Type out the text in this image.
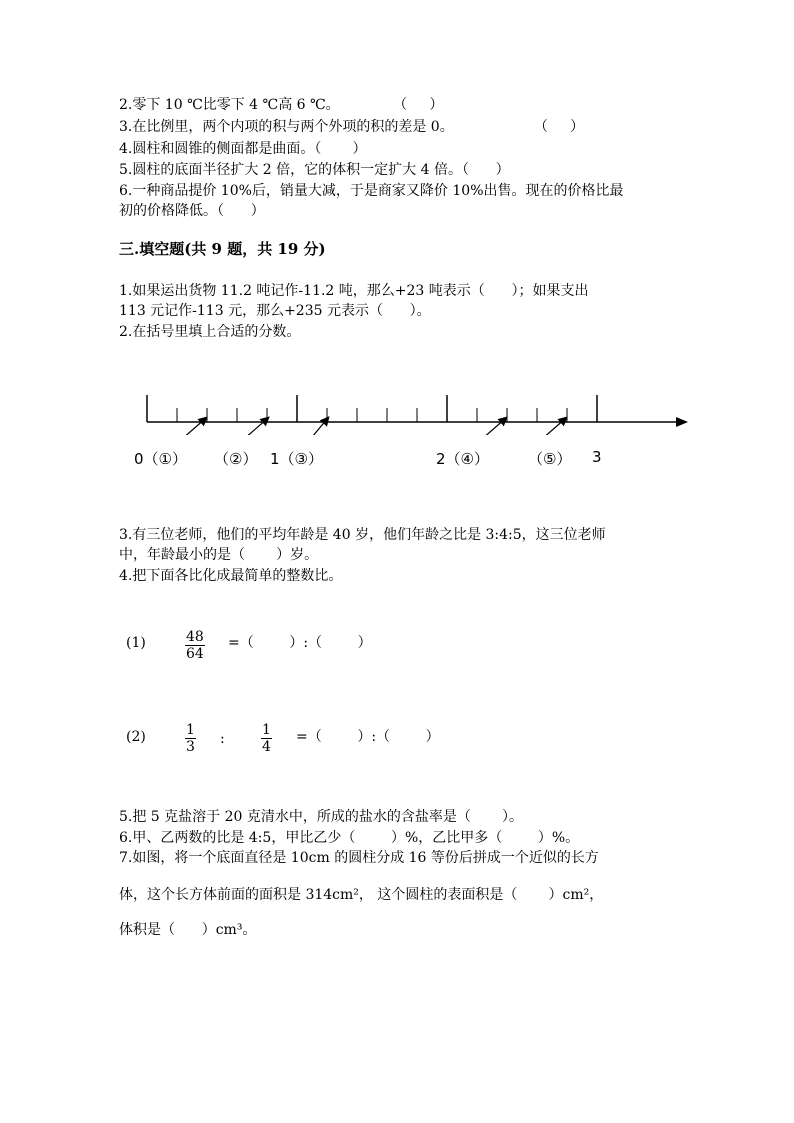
2.零下 10 ℃比零下 4 ℃高 6 ℃。            （     ）
3.在比例里，两个内项的积与两个外项的积的差是 0。                  （     ）
4.圆柱和圆锥的侧面都是曲面。（       ）
5.圆柱的底面半径扩大 2 倍，它的体积一定扩大 4 倍。（      ）
6.一种商品提价 10%后，销量大减，于是商家又降价 10%出售。现在的价格比最
初的价格降低。（      ）
三.填空题(共 9 题，共 19 分)
1.如果运出货物 11.2 吨记作-11.2 吨，那么+23 吨表示（      ）；如果支出
113 元记作-113 元，那么+235 元表示（      ）。
2.在括号里填上合适的分数。
0（①） （②） 1（③）	2（④）	（⑤） 3
3.有三位老师，他们的平均年龄是 40 岁，他们年龄之比是 3:4:5，这三位老师
中，年龄最小的是（       ）岁。
4.把下面各比化成最简单的整数比。
(1)	$\frac{48}{64}$ =（        ）:（        ）
(2)	$\frac{1}{3}$ :	$\frac{1}{4}$ =（        ）:（        ）
5.把 5 克盐溶于 20 克清水中，所成的盐水的含盐率是（       ）。
6.甲、乙两数的比是 4:5，甲比乙少（        ）%，乙比甲多（        ）%。
7.如图，将一个底面直径是 10cm 的圆柱分成 16 等份后拼成一个近似的长方
体，这个长方体前面的面积是 314cm²， 这个圆柱的表面积是（       ）cm²，
体积是（      ）cm³。
